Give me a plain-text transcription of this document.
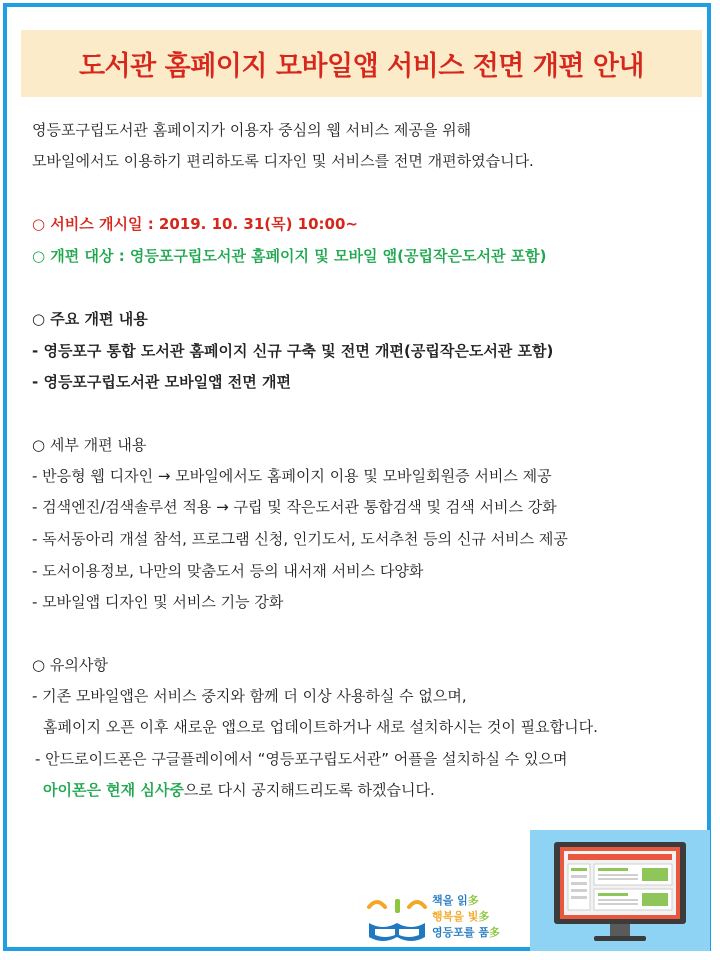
도서관 홈페이지 모바일앱 서비스 전면 개편 안내
영등포구립도서관 홈페이지가 이용자 중심의 웹 서비스 제공을 위해
모바일에서도 이용하기 편리하도록 디자인 및 서비스를 전면 개편하였습니다.
○ 서비스 개시일 : 2019. 10. 31(목) 10:00~
○ 개편 대상 : 영등포구립도서관 홈페이지 및 모바일 앱(공립작은도서관 포함)
○ 주요 개편 내용
- 영등포구 통합 도서관 홈페이지 신규 구축 및 전면 개편(공립작은도서관 포함)
- 영등포구립도서관 모바일앱 전면 개편
○ 세부 개편 내용
- 반응형 웹 디자인 → 모바일에서도 홈페이지 이용 및 모바일회원증 서비스 제공
- 검색엔진/검색솔루션 적용 → 구립 및 작은도서관 통합검색 및 검색 서비스 강화
- 독서동아리 개설 참석, 프로그램 신청, 인기도서, 도서추천 등의 신규 서비스 제공
- 도서이용정보, 나만의 맞춤도서 등의 내서재 서비스 다양화
- 모바일앱 디자인 및 서비스 기능 강화
○ 유의사항
- 기존 모바일앱은 서비스 중지와 함께 더 이상 사용하실 수 없으며,
홈페이지 오픈 이후 새로운 앱으로 업데이트하거나 새로 설치하시는 것이 필요합니다.
- 안드로이드폰은 구글플레이에서 “영등포구립도서관” 어플을 설치하실 수 있으며
아이폰은 현재 심사중으로 다시 공지해드리도록 하겠습니다.
책을 읽多
행복을 빛多
영등포를 품多
